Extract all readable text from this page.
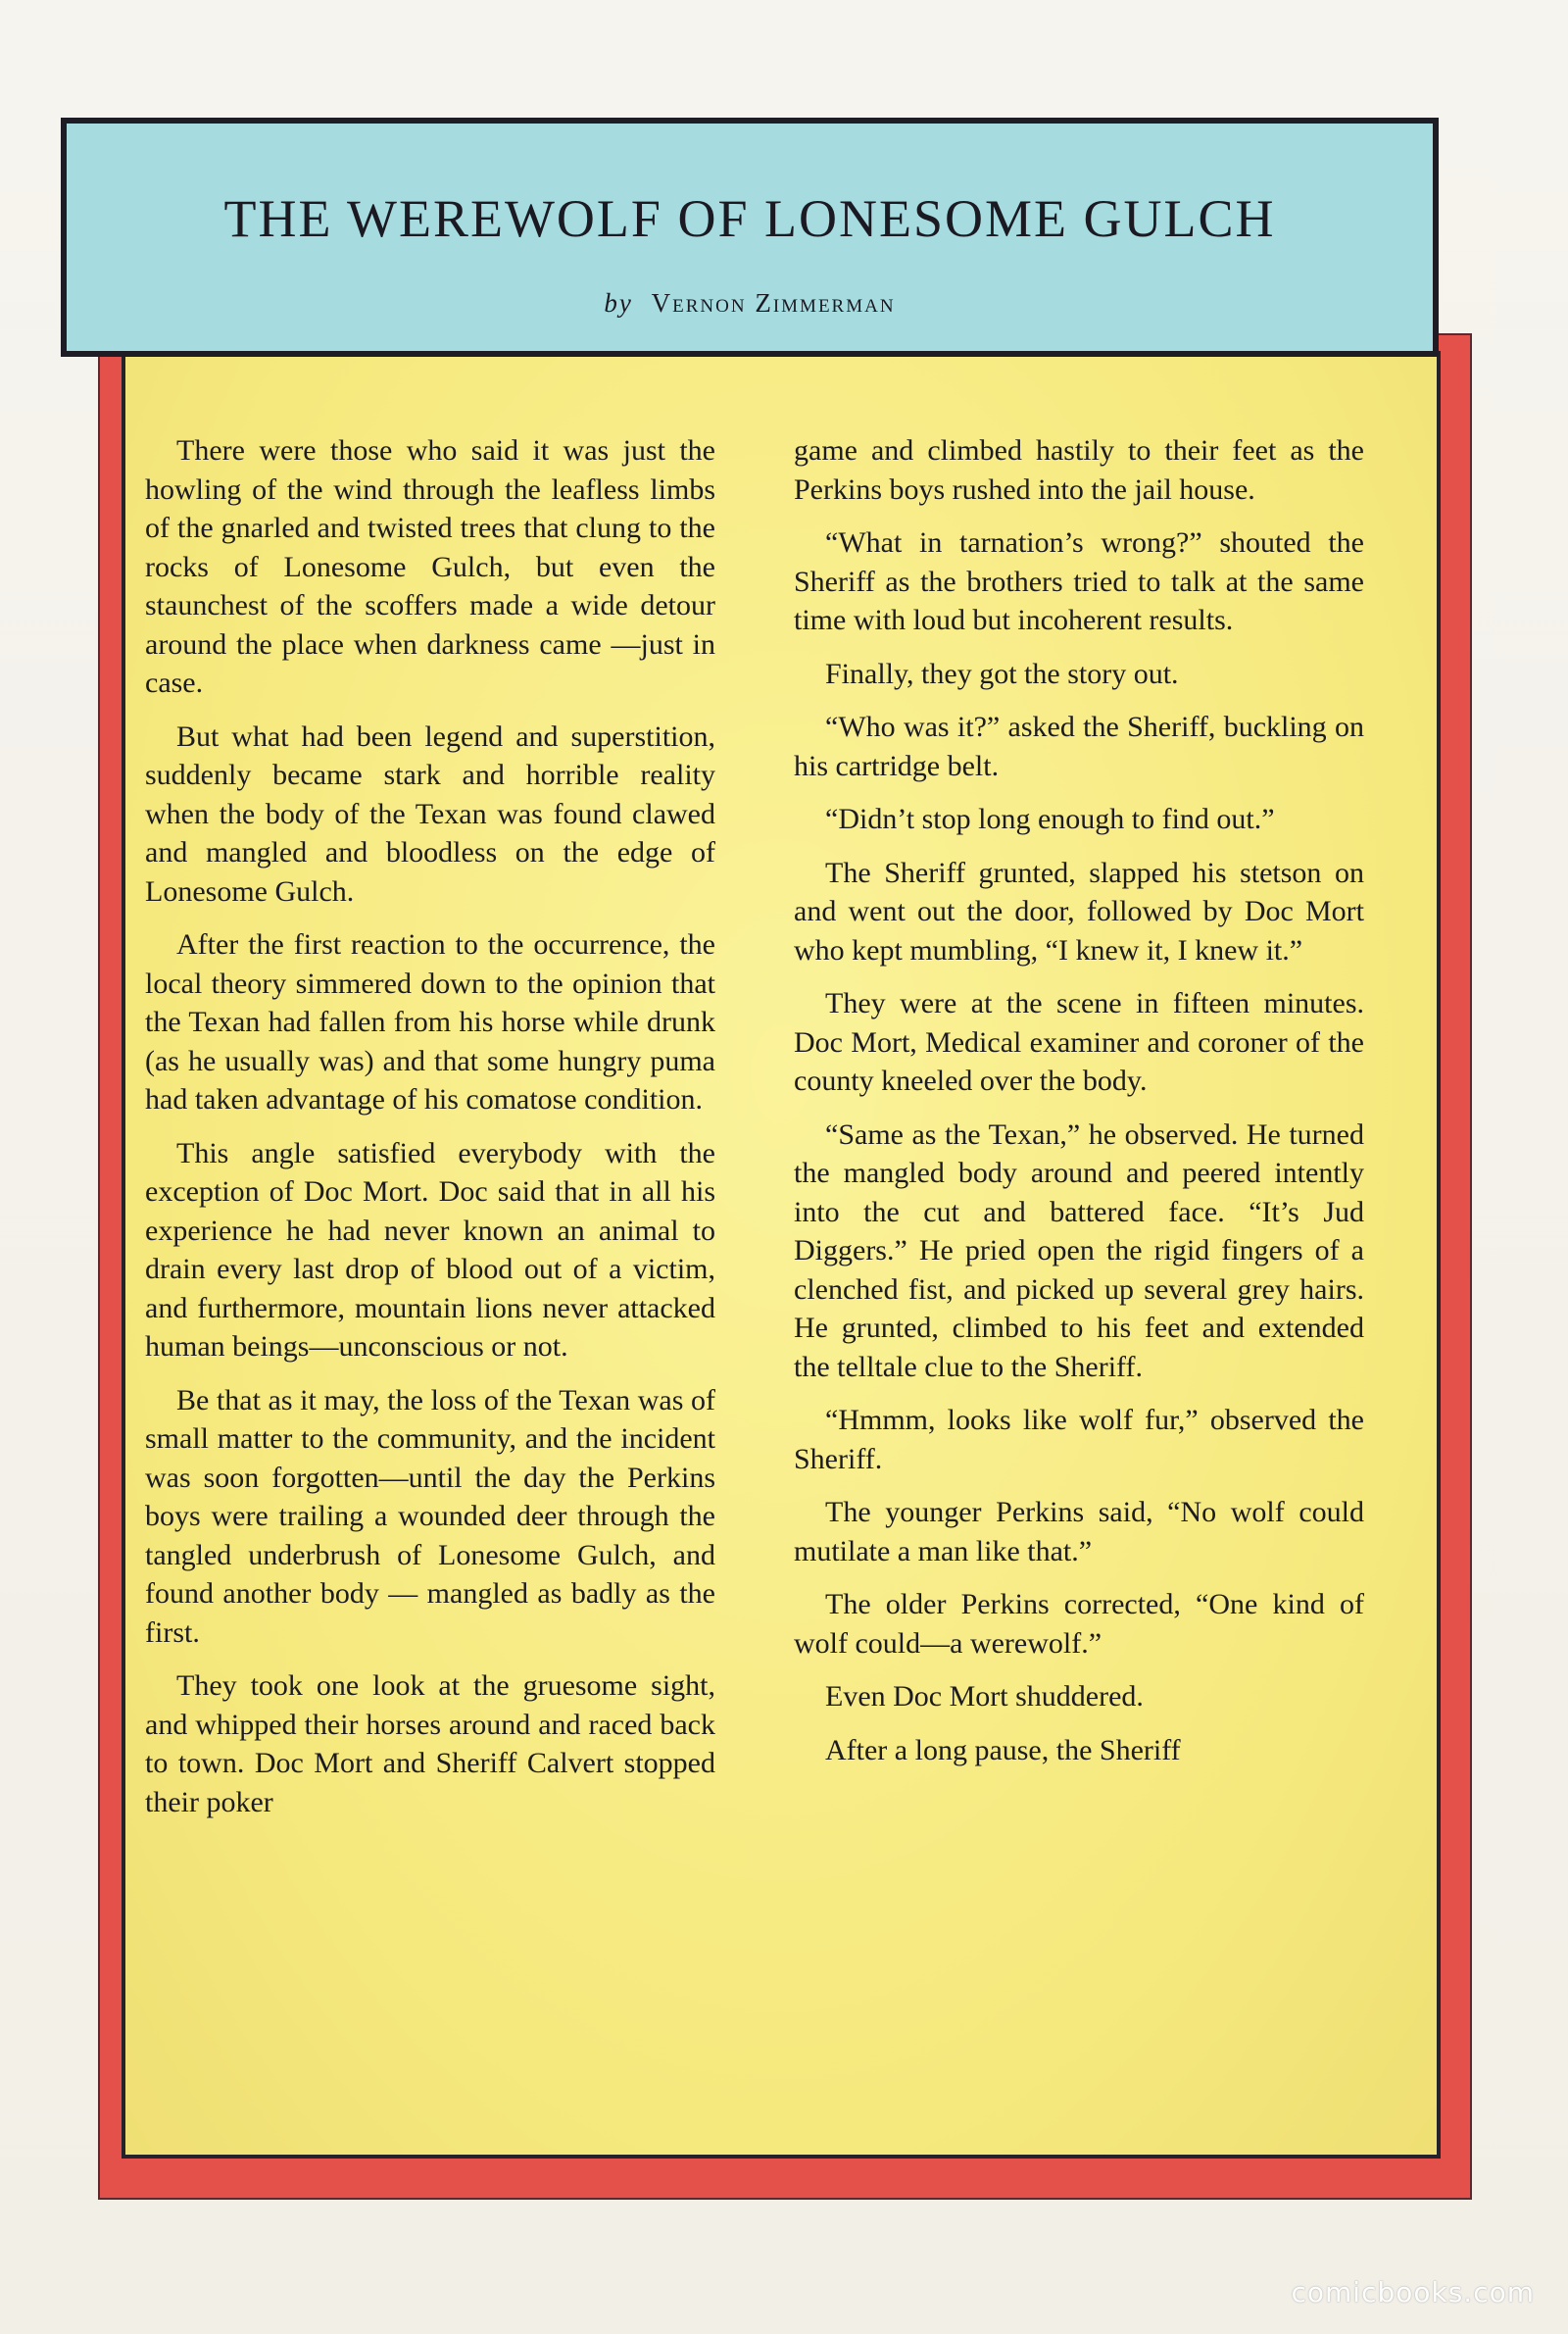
THE WEREWOLF OF LONESOME GULCH
by Vernon Zimmerman

There were those who said it was just the howling of the wind through the leafless limbs of the gnarled and twisted trees that clung to the rocks of Lonesome Gulch, but even the staunchest of the scoffers made a wide detour around the place when darkness came —just in case.

But what had been legend and superstition, suddenly became stark and horrible reality when the body of the Texan was found clawed and mangled and bloodless on the edge of Lonesome Gulch.

After the first reaction to the occurrence, the local theory simmered down to the opinion that the Texan had fallen from his horse while drunk (as he usually was) and that some hungry puma had taken advantage of his comatose condition.

This angle satisfied everybody with the exception of Doc Mort. Doc said that in all his experience he had never known an animal to drain every last drop of blood out of a victim, and furthermore, mountain lions never attacked human beings—unconscious or not.

Be that as it may, the loss of the Texan was of small matter to the community, and the incident was soon forgotten—until the day the Perkins boys were trailing a wounded deer through the tangled underbrush of Lonesome Gulch, and found another body — mangled as badly as the first.

They took one look at the gruesome sight, and whipped their horses around and raced back to town. Doc Mort and Sheriff Calvert stopped their poker

game and climbed hastily to their feet as the Perkins boys rushed into the jail house.

“What in tarnation’s wrong?” shouted the Sheriff as the brothers tried to talk at the same time with loud but incoherent results.

Finally, they got the story out.

“Who was it?” asked the Sheriff, buckling on his cartridge belt.

“Didn’t stop long enough to find out.”

The Sheriff grunted, slapped his stetson on and went out the door, followed by Doc Mort who kept mumbling, “I knew it, I knew it.”

They were at the scene in fifteen minutes. Doc Mort, Medical examiner and coroner of the county kneeled over the body.

“Same as the Texan,” he observed. He turned the mangled body around and peered intently into the cut and battered face. “It’s Jud Diggers.” He pried open the rigid fingers of a clenched fist, and picked up several grey hairs. He grunted, climbed to his feet and extended the telltale clue to the Sheriff.

“Hmmm, looks like wolf fur,” observed the Sheriff.

The younger Perkins said, “No wolf could mutilate a man like that.”

The older Perkins corrected, “One kind of wolf could—a werewolf.”

Even Doc Mort shuddered.

After a long pause, the Sheriff

comicbooks.com
